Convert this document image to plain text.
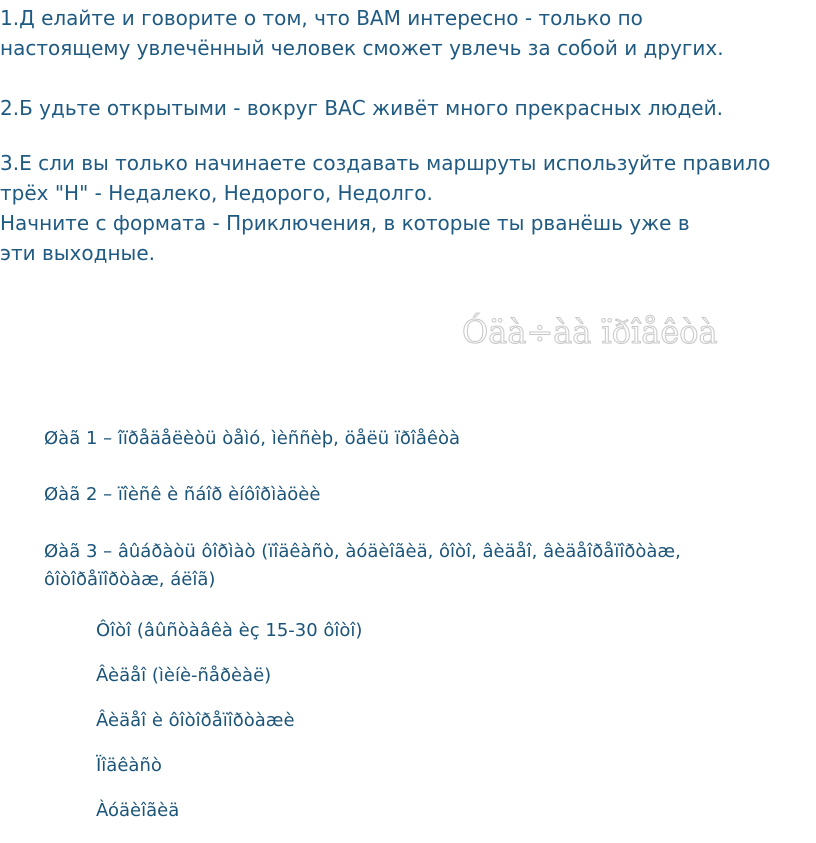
1.Д елайте и говорите о том, что ВАМ интересно - только по
настоящему увлечённый человек сможет увлечь за собой и других.

2.Б удьте открытыми - вокруг ВАС живёт много прекрасных людей.

3.Е сли вы только начинаете создавать маршруты используйте правило
трёх "Н" - Недалеко, Недорого, Недолго.
Начните с формата - Приключения, в которые ты рванёшь уже в
эти выходные.

Óäà÷àà ïðîåêòà

Øàã 1 – îïðåäåëèòü òåìó, ìèññèþ, öåëü ïðîåêòà

Øàã 2 – ïîèñê è ñáîð èíôîðìàöèè

Øàã 3 – âûáðàòü ôîðìàò (ïîäêàñò, àóäèîãèä, ôîòî, âèäåî, âèäåîðåïîðòàæ,
ôîòîðåïîðòàæ, áëîã)

Ôîòî (âûñòàâêà èç 15-30 ôîòî)

Âèäåî (ìèíè-ñåðèàë)

Âèäåî è ôîòîðåïîðòàæè

Ïîäêàñò

Àóäèîãèä
